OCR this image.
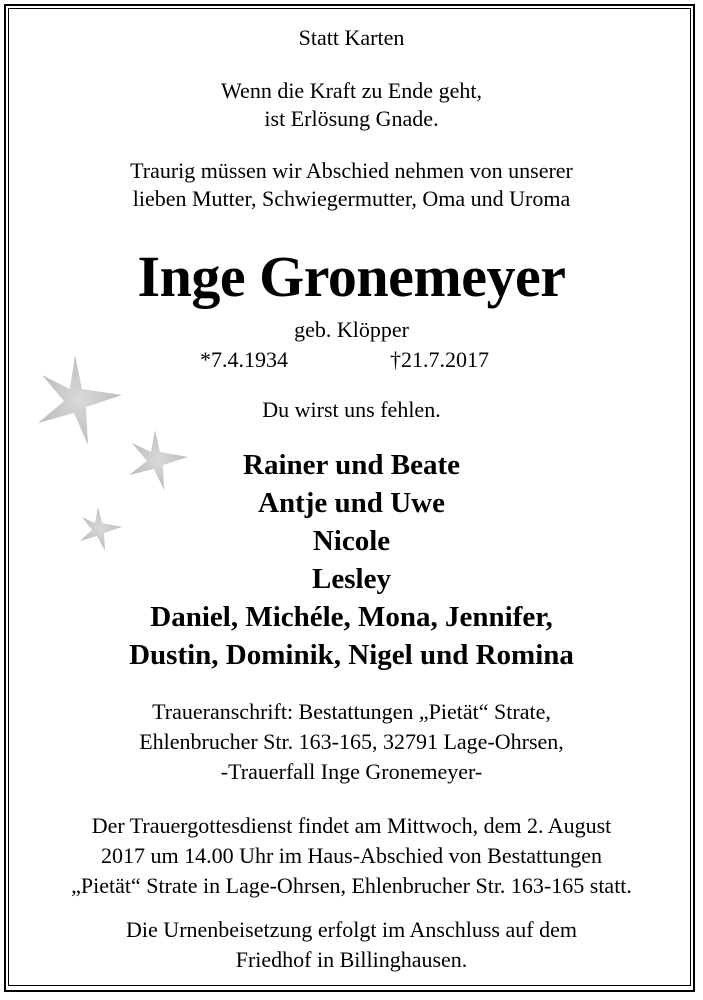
Statt Karten
Wenn die Kraft zu Ende geht,
ist Erlösung Gnade.
Traurig müssen wir Abschied nehmen von unserer
lieben Mutter, Schwiegermutter, Oma und Uroma
Inge Gronemeyer
geb. Klöpper
*7.4.1934	†21.7.2017
Du wirst uns fehlen.
Rainer und Beate
Antje und Uwe
Nicole
Lesley
Daniel, Michéle, Mona, Jennifer,
Dustin, Dominik, Nigel und Romina
Traueranschrift: Bestattungen „Pietät“ Strate,
Ehlenbrucher Str. 163-165, 32791 Lage-Ohrsen,
-Trauerfall Inge Gronemeyer-
Der Trauergottesdienst findet am Mittwoch, dem 2. August
2017 um 14.00 Uhr im Haus-Abschied von Bestattungen
„Pietät“ Strate in Lage-Ohrsen, Ehlenbrucher Str. 163-165 statt.
Die Urnenbeisetzung erfolgt im Anschluss auf dem
Friedhof in Billinghausen.
